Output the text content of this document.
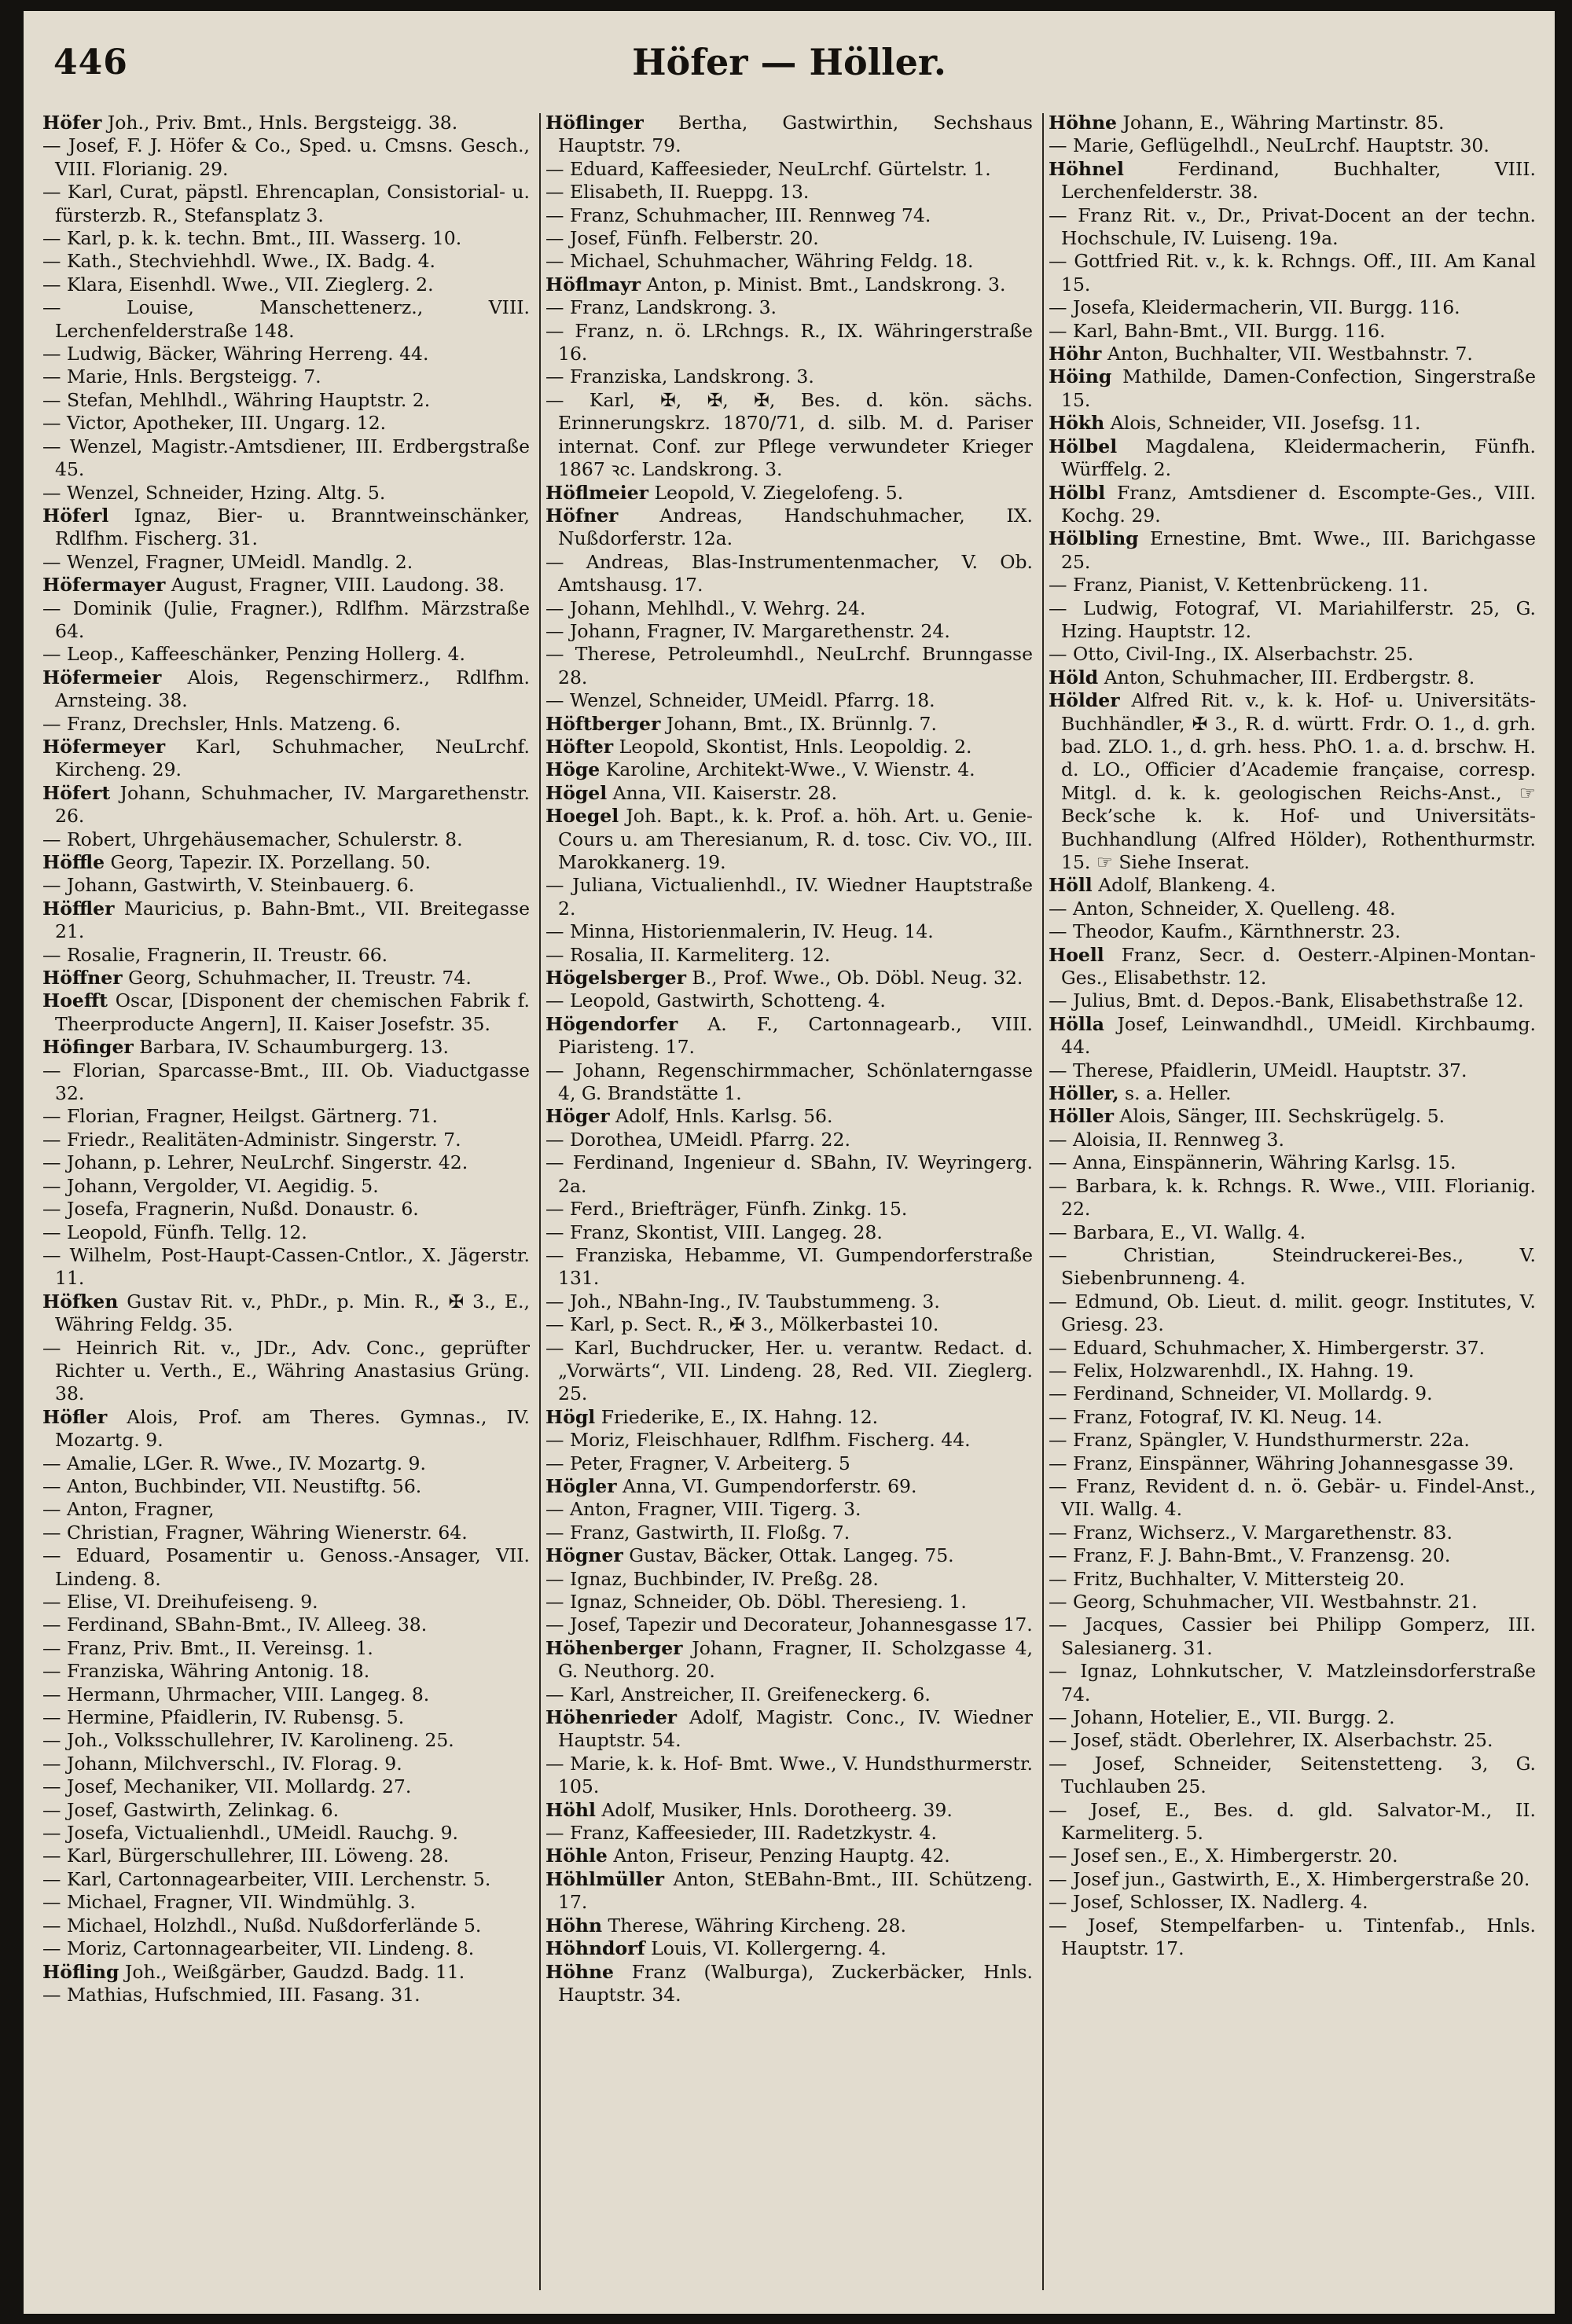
446	Höfer — Höller.
Höfer Joh., Priv. Bmt., Hnls. Bergsteigg. 38.
— Josef, F. J. Höfer & Co., Sped. u. Cmsns. Gesch., VIII. Florianig. 29.
— Karl, Curat, päpstl. Ehrencaplan, Consistorial- u. fürsterzb. R., Stefansplatz 3.
— Karl, p. k. k. techn. Bmt., III. Wasserg. 10.
— Kath., Stechviehhdl. Wwe., IX. Badg. 4.
— Klara, Eisenhdl. Wwe., VII. Zieglerg. 2.
— Louise, Manschettenerz., VIII. Lerchenfelderstraße 148.
— Ludwig, Bäcker, Währing Herreng. 44.
— Marie, Hnls. Bergsteigg. 7.
— Stefan, Mehlhdl., Währing Hauptstr. 2.
— Victor, Apotheker, III. Ungarg. 12.
— Wenzel, Magistr.-Amtsdiener, III. Erdbergstraße 45.
— Wenzel, Schneider, Hzing. Altg. 5.
Höferl Ignaz, Bier- u. Branntweinschänker, Rdlfhm. Fischerg. 31.
— Wenzel, Fragner, UMeidl. Mandlg. 2.
Höfermayer August, Fragner, VIII. Laudong. 38.
— Dominik (Julie, Fragner.), Rdlfhm. Märzstraße 64.
— Leop., Kaffeeschänker, Penzing Hollerg. 4.
Höfermeier Alois, Regenschirmerz., Rdlfhm. Arnsteing. 38.
— Franz, Drechsler, Hnls. Matzeng. 6.
Höfermeyer Karl, Schuhmacher, NeuLrchf. Kircheng. 29.
Höfert Johann, Schuhmacher, IV. Margarethenstr. 26.
— Robert, Uhrgehäusemacher, Schulerstr. 8.
Höffle Georg, Tapezir. IX. Porzellang. 50.
— Johann, Gastwirth, V. Steinbauerg. 6.
Höffler Mauricius, p. Bahn-Bmt., VII. Breitegasse 21.
— Rosalie, Fragnerin, II. Treustr. 66.
Höffner Georg, Schuhmacher, II. Treustr. 74.
Hoefft Oscar, [Disponent der chemischen Fabrik f. Theerproducte Angern], II. Kaiser Josefstr. 35.
Höfinger Barbara, IV. Schaumburgerg. 13.
— Florian, Sparcasse-Bmt., III. Ob. Viaductgasse 32.
— Florian, Fragner, Heilgst. Gärtnerg. 71.
— Friedr., Realitäten-Administr. Singerstr. 7.
— Johann, p. Lehrer, NeuLrchf. Singerstr. 42.
— Johann, Vergolder, VI. Aegidig. 5.
— Josefa, Fragnerin, Nußd. Donaustr. 6.
— Leopold, Fünfh. Tellg. 12.
— Wilhelm, Post-Haupt-Cassen-Cntlor., X. Jägerstr. 11.
Höfken Gustav Rit. v., PhDr., p. Min. R., ✠ 3., E., Währing Feldg. 35.
— Heinrich Rit. v., JDr., Adv. Conc., geprüfter Richter u. Verth., E., Währing Anastasius Grüng. 38.
Höfler Alois, Prof. am Theres. Gymnas., IV. Mozartg. 9.
— Amalie, LGer. R. Wwe., IV. Mozartg. 9.
— Anton, Buchbinder, VII. Neustiftg. 56.
— Anton, Fragner,
— Christian, Fragner, Währing Wienerstr. 64.
— Eduard, Posamentir u. Genoss.-Ansager, VII. Lindeng. 8.
— Elise, VI. Dreihufeiseng. 9.
— Ferdinand, SBahn-Bmt., IV. Alleeg. 38.
— Franz, Priv. Bmt., II. Vereinsg. 1.
— Franziska, Währing Antonig. 18.
— Hermann, Uhrmacher, VIII. Langeg. 8.
— Hermine, Pfaidlerin, IV. Rubensg. 5.
— Joh., Volksschullehrer, IV. Karolineng. 25.
— Johann, Milchverschl., IV. Florag. 9.
— Josef, Mechaniker, VII. Mollardg. 27.
— Josef, Gastwirth, Zelinkag. 6.
— Josefa, Victualienhdl., UMeidl. Rauchg. 9.
— Karl, Bürgerschullehrer, III. Löweng. 28.
— Karl, Cartonnagearbeiter, VIII. Lerchenstr. 5.
— Michael, Fragner, VII. Windmühlg. 3.
— Michael, Holzhdl., Nußd. Nußdorferlände 5.
— Moriz, Cartonnagearbeiter, VII. Lindeng. 8.
Höfling Joh., Weißgärber, Gaudzd. Badg. 11.
— Mathias, Hufschmied, III. Fasang. 31.
Höflinger Bertha, Gastwirthin, Sechshaus Hauptstr. 79.
— Eduard, Kaffeesieder, NeuLrchf. Gürtelstr. 1.
— Elisabeth, II. Rueppg. 13.
— Franz, Schuhmacher, III. Rennweg 74.
— Josef, Fünfh. Felberstr. 20.
— Michael, Schuhmacher, Währing Feldg. 18.
Höflmayr Anton, p. Minist. Bmt., Landskrong. 3.
— Franz, Landskrong. 3.
— Franz, n. ö. LRchngs. R., IX. Währingerstraße 16.
— Franziska, Landskrong. 3.
— Karl, ✠, ✠, ✠, Bes. d. kön. sächs. Erinnerungskrz. 1870/71, d. silb. M. d. Pariser internat. Conf. zur Pflege verwundeter Krieger 1867 ꝛc. Landskrong. 3.
Höflmeier Leopold, V. Ziegelofeng. 5.
Höfner Andreas, Handschuhmacher, IX. Nußdorferstr. 12a.
— Andreas, Blas-Instrumentenmacher, V. Ob. Amtshausg. 17.
— Johann, Mehlhdl., V. Wehrg. 24.
— Johann, Fragner, IV. Margarethenstr. 24.
— Therese, Petroleumhdl., NeuLrchf. Brunngasse 28.
— Wenzel, Schneider, UMeidl. Pfarrg. 18.
Höftberger Johann, Bmt., IX. Brünnlg. 7.
Höfter Leopold, Skontist, Hnls. Leopoldig. 2.
Höge Karoline, Architekt-Wwe., V. Wienstr. 4.
Högel Anna, VII. Kaiserstr. 28.
Hoegel Joh. Bapt., k. k. Prof. a. höh. Art. u. Genie-Cours u. am Theresianum, R. d. tosc. Civ. VO., III. Marokkanerg. 19.
— Juliana, Victualienhdl., IV. Wiedner Hauptstraße 2.
— Minna, Historienmalerin, IV. Heug. 14.
— Rosalia, II. Karmeliterg. 12.
Högelsberger B., Prof. Wwe., Ob. Döbl. Neug. 32.
— Leopold, Gastwirth, Schotteng. 4.
Högendorfer A. F., Cartonnagearb., VIII. Piaristeng. 17.
— Johann, Regenschirmmacher, Schönlaterngasse 4, G. Brandstätte 1.
Höger Adolf, Hnls. Karlsg. 56.
— Dorothea, UMeidl. Pfarrg. 22.
— Ferdinand, Ingenieur d. SBahn, IV. Weyringerg. 2a.
— Ferd., Briefträger, Fünfh. Zinkg. 15.
— Franz, Skontist, VIII. Langeg. 28.
— Franziska, Hebamme, VI. Gumpendorferstraße 131.
— Joh., NBahn-Ing., IV. Taubstummeng. 3.
— Karl, p. Sect. R., ✠ 3., Mölkerbastei 10.
— Karl, Buchdrucker, Her. u. verantw. Redact. d. „Vorwärts“, VII. Lindeng. 28, Red. VII. Zieglerg. 25.
Högl Friederike, E., IX. Hahng. 12.
— Moriz, Fleischhauer, Rdlfhm. Fischerg. 44.
— Peter, Fragner, V. Arbeiterg. 5
Högler Anna, VI. Gumpendorferstr. 69.
— Anton, Fragner, VIII. Tigerg. 3.
— Franz, Gastwirth, II. Floßg. 7.
Högner Gustav, Bäcker, Ottak. Langeg. 75.
— Ignaz, Buchbinder, IV. Preßg. 28.
— Ignaz, Schneider, Ob. Döbl. Theresieng. 1.
— Josef, Tapezir und Decorateur, Johannesgasse 17.
Höhenberger Johann, Fragner, II. Scholzgasse 4, G. Neuthorg. 20.
— Karl, Anstreicher, II. Greifeneckerg. 6.
Höhenrieder Adolf, Magistr. Conc., IV. Wiedner Hauptstr. 54.
— Marie, k. k. Hof- Bmt. Wwe., V. Hundsthurmerstr. 105.
Höhl Adolf, Musiker, Hnls. Dorotheerg. 39.
— Franz, Kaffeesieder, III. Radetzkystr. 4.
Höhle Anton, Friseur, Penzing Hauptg. 42.
Höhlmüller Anton, StEBahn-Bmt., III. Schützeng. 17.
Höhn Therese, Währing Kircheng. 28.
Höhndorf Louis, VI. Kollergerng. 4.
Höhne Franz (Walburga), Zuckerbäcker, Hnls. Hauptstr. 34.
Höhne Johann, E., Währing Martinstr. 85.
— Marie, Geflügelhdl., NeuLrchf. Hauptstr. 30.
Höhnel Ferdinand, Buchhalter, VIII. Lerchenfelderstr. 38.
— Franz Rit. v., Dr., Privat-Docent an der techn. Hochschule, IV. Luiseng. 19a.
— Gottfried Rit. v., k. k. Rchngs. Off., III. Am Kanal 15.
— Josefa, Kleidermacherin, VII. Burgg. 116.
— Karl, Bahn-Bmt., VII. Burgg. 116.
Höhr Anton, Buchhalter, VII. Westbahnstr. 7.
Höing Mathilde, Damen-Confection, Singerstraße 15.
Hökh Alois, Schneider, VII. Josefsg. 11.
Hölbel Magdalena, Kleidermacherin, Fünfh. Würffelg. 2.
Hölbl Franz, Amtsdiener d. Escompte-Ges., VIII. Kochg. 29.
Hölbling Ernestine, Bmt. Wwe., III. Barichgasse 25.
— Franz, Pianist, V. Kettenbrückeng. 11.
— Ludwig, Fotograf, VI. Mariahilferstr. 25, G. Hzing. Hauptstr. 12.
— Otto, Civil-Ing., IX. Alserbachstr. 25.
Höld Anton, Schuhmacher, III. Erdbergstr. 8.
Hölder Alfred Rit. v., k. k. Hof- u. Universitäts-Buchhändler, ✠ 3., R. d. württ. Frdr. O. 1., d. grh. bad. ZLO. 1., d. grh. hess. PhO. 1. a. d. brschw. H. d. LO., Officier d’Academie française, corresp. Mitgl. d. k. k. geologischen Reichs-Anst., ☞ Beck’sche k. k. Hof- und Universitäts-Buchhandlung (Alfred Hölder), Rothenthurmstr. 15. ☞ Siehe Inserat.
Höll Adolf, Blankeng. 4.
— Anton, Schneider, X. Quelleng. 48.
— Theodor, Kaufm., Kärnthnerstr. 23.
Hoell Franz, Secr. d. Oesterr.-Alpinen-Montan-Ges., Elisabethstr. 12.
— Julius, Bmt. d. Depos.-Bank, Elisabethstraße 12.
Hölla Josef, Leinwandhdl., UMeidl. Kirchbaumg. 44.
— Therese, Pfaidlerin, UMeidl. Hauptstr. 37.
Höller, s. a. Heller.
Höller Alois, Sänger, III. Sechskrügelg. 5.
— Aloisia, II. Rennweg 3.
— Anna, Einspännerin, Währing Karlsg. 15.
— Barbara, k. k. Rchngs. R. Wwe., VIII. Florianig. 22.
— Barbara, E., VI. Wallg. 4.
— Christian, Steindruckerei-Bes., V. Siebenbrunneng. 4.
— Edmund, Ob. Lieut. d. milit. geogr. Institutes, V. Griesg. 23.
— Eduard, Schuhmacher, X. Himbergerstr. 37.
— Felix, Holzwarenhdl., IX. Hahng. 19.
— Ferdinand, Schneider, VI. Mollardg. 9.
— Franz, Fotograf, IV. Kl. Neug. 14.
— Franz, Spängler, V. Hundsthurmerstr. 22a.
— Franz, Einspänner, Währing Johannesgasse 39.
— Franz, Revident d. n. ö. Gebär- u. Findel-Anst., VII. Wallg. 4.
— Franz, Wichserz., V. Margarethenstr. 83.
— Franz, F. J. Bahn-Bmt., V. Franzensg. 20.
— Fritz, Buchhalter, V. Mittersteig 20.
— Georg, Schuhmacher, VII. Westbahnstr. 21.
— Jacques, Cassier bei Philipp Gomperz, III. Salesianerg. 31.
— Ignaz, Lohnkutscher, V. Matzleinsdorferstraße 74.
— Johann, Hotelier, E., VII. Burgg. 2.
— Josef, städt. Oberlehrer, IX. Alserbachstr. 25.
— Josef, Schneider, Seitenstetteng. 3, G. Tuchlauben 25.
— Josef, E., Bes. d. gld. Salvator-M., II. Karmeliterg. 5.
— Josef sen., E., X. Himbergerstr. 20.
— Josef jun., Gastwirth, E., X. Himbergerstraße 20.
— Josef, Schlosser, IX. Nadlerg. 4.
— Josef, Stempelfarben- u. Tintenfab., Hnls. Hauptstr. 17.
